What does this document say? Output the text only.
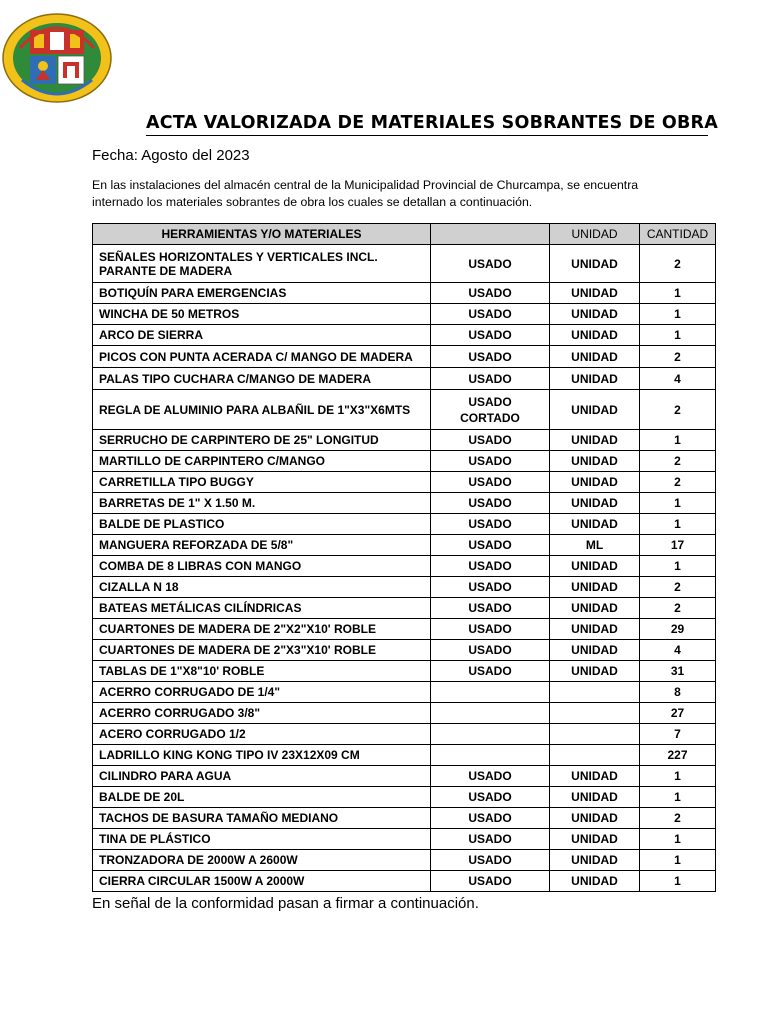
ACTA VALORIZADA DE MATERIALES SOBRANTES DE OBRA
Fecha: Agosto del 2023
En las instalaciones del almacén central de la Municipalidad Provincial de Churcampa, se encuentra internado los materiales sobrantes de obra los cuales se detallan a continuación.
HERRAMIENTAS Y/O MATERIALES		UNIDAD	CANTIDAD
SEÑALES HORIZONTALES Y VERTICALES INCL. PARANTE DE MADERA	USADO	UNIDAD	2
BOTIQUÍN PARA EMERGENCIAS	USADO	UNIDAD	1
WINCHA DE 50 METROS	USADO	UNIDAD	1
ARCO DE SIERRA	USADO	UNIDAD	1
PICOS CON PUNTA ACERADA C/ MANGO DE MADERA	USADO	UNIDAD	2
PALAS TIPO CUCHARA C/MANGO DE MADERA	USADO	UNIDAD	4
REGLA DE ALUMINIO PARA ALBAÑIL DE 1"X3"X6MTS	USADO CORTADO	UNIDAD	2
SERRUCHO DE CARPINTERO DE 25" LONGITUD	USADO	UNIDAD	1
MARTILLO DE CARPINTERO C/MANGO	USADO	UNIDAD	2
CARRETILLA TIPO BUGGY	USADO	UNIDAD	2
BARRETAS DE 1" X 1.50 M.	USADO	UNIDAD	1
BALDE DE PLASTICO	USADO	UNIDAD	1
MANGUERA REFORZADA DE 5/8"	USADO	ML	17
COMBA DE 8 LIBRAS CON MANGO	USADO	UNIDAD	1
CIZALLA N 18	USADO	UNIDAD	2
BATEAS METÁLICAS CILÍNDRICAS	USADO	UNIDAD	2
CUARTONES DE MADERA DE 2"X2"X10' ROBLE	USADO	UNIDAD	29
CUARTONES DE MADERA DE 2"X3"X10' ROBLE	USADO	UNIDAD	4
TABLAS DE 1"X8"10' ROBLE	USADO	UNIDAD	31
ACERRO CORRUGADO DE 1/4"			8
ACERRO CORRUGADO 3/8"			27
ACERO CORRUGADO 1/2			7
LADRILLO KING KONG TIPO IV 23X12X09 CM			227
CILINDRO PARA AGUA	USADO	UNIDAD	1
BALDE DE 20L	USADO	UNIDAD	1
TACHOS DE BASURA TAMAÑO MEDIANO	USADO	UNIDAD	2
TINA DE PLÁSTICO	USADO	UNIDAD	1
TRONZADORA DE 2000W A 2600W	USADO	UNIDAD	1
CIERRA CIRCULAR 1500W A 2000W	USADO	UNIDAD	1
En señal de la conformidad pasan a firmar a continuación.
